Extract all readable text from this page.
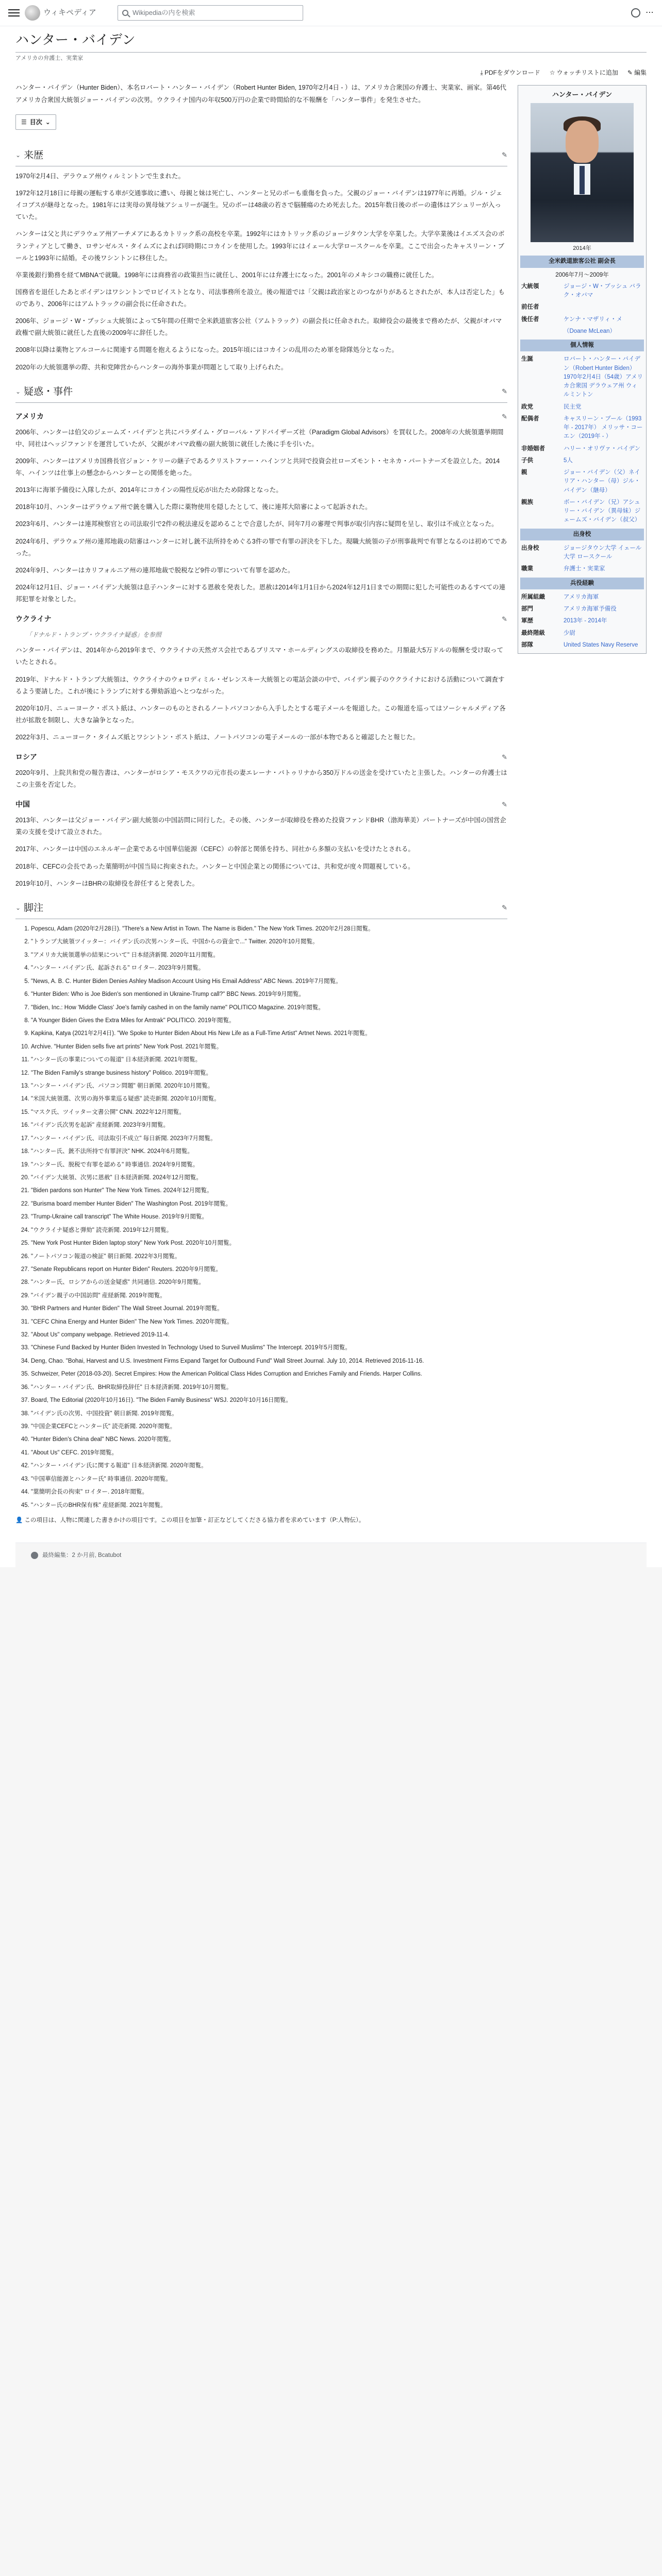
ウィキペディア	Wikipediaの内を検索	⋯
ハンター・バイデン
アメリカの弁護士、実業家
⤓ PDFをダウンロード ☆ ウォッチリストに追加 ✎ 編集

ハンター・バイデン（Hunter Biden）、本名ロバート・ハンター・バイデン（Robert Hunter Biden, 1970年2月4日 - ）は、アメリカ合衆国の弁護士、実業家、画家。第46代アメリカ合衆国大統領ジョー・バイデンの次男。ウクライナ国内の年収500万円の企業で時間給的な不報酬を「ハンター事件」を発生させた。

☰ 目次 ⌄
⌄ 来歴	✎

1970年2月4日、デラウェア州ウィルミントンで生まれた。

1972年12月18日に母親の運転する車が交通事故に遭い、母親と妹は死亡し、ハンターと兄のボーも重傷を負った。父親のジョー・バイデンは1977年に再婚。ジル・ジェイコブスが継母となった。1981年には実母の異母妹アシュリーが誕生。兄のボーは48歳の若さで脳腫瘍のため死去した。2015年数日後のボーの遺体はアシュリーが入っていた。

ハンターは父と共にデラウェア州アーチメアにあるカトリック系の高校を卒業。1992年にはカトリック系のジョージタウン大学を卒業した。大学卒業後はイエズス会のボランティアとして働き、ロサンゼルス・タイムズによれば同時期にコカインを使用した。1993年にはイェール大学ロースクールを卒業。ここで出会ったキャスリーン・ブールと1993年に結婚。その後ワシントンに移住した。

卒業後銀行勤務を経てMBNAで就職。1998年には商務省の政策担当に就任し、2001年には弁護士になった。2001年のメキシコの職務に就任した。

国務省を退任したあとボイデンはワシントンでロビイストとなり、司法事務所を設立。後の報道では「父親は政治家とのつながりがあるとされたが、本人は否定した」ものであり、2006年にはアムトラックの副会長に任命された。

2006年、ジョージ・W・ブッシュ大統領によって5年間の任期で全米鉄道旅客公社（アムトラック）の副会長に任命された。取締役会の最後まで務めたが、父親がオバマ政権で副大統領に就任した直後の2009年に辞任した。

2008年以降は薬物とアルコールに関連する問題を抱えるようになった。2015年頃にはコカインの乱用のため軍を除隊処分となった。

2020年の大統領選挙の際、共和党陣営からハンターの海外事業が問題として取り上げられた。

⌄ 疑惑・事件	✎
アメリカ	✎

2006年、ハンターは伯父のジェームズ・バイデンと共にパラダイム・グローバル・アドバイザーズ社（Paradigm Global Advisors）を買収した。2008年の大統領選挙期間中、同社はヘッジファンドを運営していたが、父親がオバマ政権の副大統領に就任した後に手を引いた。

2009年、ハンターはアメリカ国務長官ジョン・ケリーの継子であるクリストファー・ハインツと共同で投資会社ローズモント・セネカ・パートナーズを設立した。2014年、ハインツは仕事上の懸念からハンターとの関係を絶った。

2013年に海軍予備役に入隊したが、2014年にコカインの陽性反応が出たため除隊となった。

2018年10月、ハンターはデラウェア州で銃を購入した際に薬物使用を隠したとして、後に連邦大陪審によって起訴された。

2023年6月、ハンターは連邦検察官との司法取引で2件の税法違反を認めることで合意したが、同年7月の審理で判事が取引内容に疑問を呈し、取引は不成立となった。

2024年6月、デラウェア州の連邦地裁の陪審はハンターに対し銃不法所持をめぐる3件の罪で有罪の評決を下した。現職大統領の子が刑事裁判で有罪となるのは初めてであった。

2024年9月、ハンターはカリフォルニア州の連邦地裁で脱税など9件の罪について有罪を認めた。

2024年12月1日、ジョー・バイデン大統領は息子ハンターに対する恩赦を発表した。恩赦は2014年1月1日から2024年12月1日までの期間に犯した可能性のあるすべての連邦犯罪を対象とした。

ウクライナ	✎
「ドナルド・トランプ・ウクライナ疑惑」を参照

ハンター・バイデンは、2014年から2019年まで、ウクライナの天然ガス会社であるブリスマ・ホールディングスの取締役を務めた。月額最大5万ドルの報酬を受け取っていたとされる。

2019年、ドナルド・トランプ大統領は、ウクライナのウォロディミル・ゼレンスキー大統領との電話会談の中で、バイデン親子のウクライナにおける活動について調査するよう要請した。これが後にトランプに対する弾劾訴追へとつながった。

2020年10月、ニューヨーク・ポスト紙は、ハンターのものとされるノートパソコンから入手したとする電子メールを報道した。この報道を巡ってはソーシャルメディア各社が拡散を制限し、大きな論争となった。

2022年3月、ニューヨーク・タイムズ紙とワシントン・ポスト紙は、ノートパソコンの電子メールの一部が本物であると確認したと報じた。

ロシア	✎

2020年9月、上院共和党の報告書は、ハンターがロシア・モスクワの元市長の妻エレーナ・バトゥリナから350万ドルの送金を受けていたと主張した。ハンターの弁護士はこの主張を否定した。

中国	✎

2013年、ハンターは父ジョー・バイデン副大統領の中国訪問に同行した。その後、ハンターが取締役を務めた投資ファンドBHR（渤海華美）パートナーズが中国の国営企業の支援を受けて設立された。

2017年、ハンターは中国のエネルギー企業である中国華信能源（CEFC）の幹部と関係を持ち、同社から多額の支払いを受けたとされる。

2018年、CEFCの会長であった葉簡明が中国当局に拘束された。ハンターと中国企業との関係については、共和党が度々問題視している。

2019年10月、ハンターはBHRの取締役を辞任すると発表した。

⌄ 脚注	✎
1. Popescu, Adam (2020年2月28日). "There's a New Artist in Town. The Name is Biden." The New York Times. 2020年2月28日閲覧。
2. "トランプ大統領ツイッター：バイデン氏の次男ハンター氏、中国からの資金で..." Twitter. 2020年10月閲覧。
3. "アメリカ大統領選挙の結果について" 日本経済新聞. 2020年11月閲覧。
4. "ハンター・バイデン氏、起訴される" ロイター. 2023年9月閲覧。
5. "News, A. B. C. Hunter Biden Denies Ashley Madison Account Using His Email Address" ABC News. 2019年7月閲覧。
6. "Hunter Biden: Who is Joe Biden's son mentioned in Ukraine-Trump call?" BBC News. 2019年9月閲覧。
7. "Biden, Inc.: How 'Middle Class' Joe's family cashed in on the family name" POLITICO Magazine. 2019年閲覧。
8. "A Younger Biden Gives the Extra Miles for Amtrak" POLITICO. 2019年閲覧。
9. Kapkina, Katya (2021年2月4日). "We Spoke to Hunter Biden About His New Life as a Full-Time Artist" Artnet News. 2021年閲覧。
10. Archive. "Hunter Biden sells five art prints" New York Post. 2021年閲覧。
11. "ハンター氏の事業についての報道" 日本経済新聞. 2021年閲覧。
12. "The Biden Family's strange business history" Politico. 2019年閲覧。
13. "ハンター・バイデン氏、パソコン問題" 朝日新聞. 2020年10月閲覧。
14. "米国大統領選、次男の海外事業巡る疑惑" 読売新聞. 2020年10月閲覧。
15. "マスク氏、ツイッター文書公開" CNN. 2022年12月閲覧。
16. "バイデン氏次男を起訴" 産経新聞. 2023年9月閲覧。
17. "ハンター・バイデン氏、司法取引不成立" 毎日新聞. 2023年7月閲覧。
18. "ハンター氏、銃不法所持で有罪評決" NHK. 2024年6月閲覧。
19. "ハンター氏、脱税で有罪を認める" 時事通信. 2024年9月閲覧。
20. "バイデン大統領、次男に恩赦" 日本経済新聞. 2024年12月閲覧。
21. "Biden pardons son Hunter" The New York Times. 2024年12月閲覧。
22. "Burisma board member Hunter Biden" The Washington Post. 2019年閲覧。
23. "Trump-Ukraine call transcript" The White House. 2019年9月閲覧。
24. "ウクライナ疑惑と弾劾" 読売新聞. 2019年12月閲覧。
25. "New York Post Hunter Biden laptop story" New York Post. 2020年10月閲覧。
26. "ノートパソコン報道の検証" 朝日新聞. 2022年3月閲覧。
27. "Senate Republicans report on Hunter Biden" Reuters. 2020年9月閲覧。
28. "ハンター氏、ロシアからの送金疑惑" 共同通信. 2020年9月閲覧。
29. "バイデン親子の中国訪問" 産経新聞. 2019年閲覧。
30. "BHR Partners and Hunter Biden" The Wall Street Journal. 2019年閲覧。
31. "CEFC China Energy and Hunter Biden" The New York Times. 2020年閲覧。
32. "About Us" company webpage. Retrieved 2019-11-4.
33. "Chinese Fund Backed by Hunter Biden Invested In Technology Used to Surveil Muslims" The Intercept. 2019年5月閲覧。
34. Deng, Chao. "Bohai, Harvest and U.S. Investment Firms Expand Target for Outbound Fund" Wall Street Journal. July 10, 2014. Retrieved 2016-11-16.
35. Schweizer, Peter (2018-03-20). Secret Empires: How the American Political Class Hides Corruption and Enriches Family and Friends. Harper Collins.
36. "ハンター・バイデン氏、BHR取締役辞任" 日本経済新聞. 2019年10月閲覧。
37. Board, The Editorial (2020年10月16日). "The Biden Family Business" WSJ. 2020年10月16日閲覧。
38. "バイデン氏の次男、中国投資" 朝日新聞. 2019年閲覧。
39. "中国企業CEFCとハンター氏" 読売新聞. 2020年閲覧。
40. "Hunter Biden's China deal" NBC News. 2020年閲覧。
41. "About Us" CEFC. 2019年閲覧。
42. "ハンター・バイデン氏に関する報道" 日本経済新聞. 2020年閲覧。
43. "中国華信能源とハンター氏" 時事通信. 2020年閲覧。
44. "葉簡明会長の拘束" ロイター. 2018年閲覧。
45. "ハンター氏のBHR保有株" 産経新聞. 2021年閲覧。
👤 この項目は、人物に関連した書きかけの項目です。この項目を加筆・訂正などしてくださる協力者を求めています（P:人物伝）。
ハンター・バイデン
2014年
全米鉄道旅客公社 副会長
2006年7月〜2009年
大統領	ジョージ・W・ブッシュ バラク・オバマ
前任者
後任者	ケンナ・マザリィ・メ
（Doane McLean）
個人情報
生誕	ロバート・ハンター・バイデン（Robert Hunter Biden）1970年2月4日（54歳）アメリカ合衆国 デラウェア州 ウィルミントン
政党	民主党
配偶者	キャスリーン・ブール（1993年 - 2017年） メリッサ・コーエン（2019年 - ）
非婚姻者	ハリー・オリヴァ・バイデン
子供	5人
親	ジョー・バイデン（父）ネイリア・ハンター（母）ジル・バイデン（継母）
親族	ボー・バイデン（兄）アシュリー・バイデン（異母妹）ジェームズ・バイデン（叔父）
出身校
出身校	ジョージタウン大学 イェール大学 ロースクール
職業	弁護士・実業家
兵役経験
所属組織	アメリカ海軍
部門	アメリカ海軍予備役
軍歴	2013年 - 2014年
最終階級	少尉
部隊	United States Navy Reserve
最終編集：2 か月前, Bcatubot
